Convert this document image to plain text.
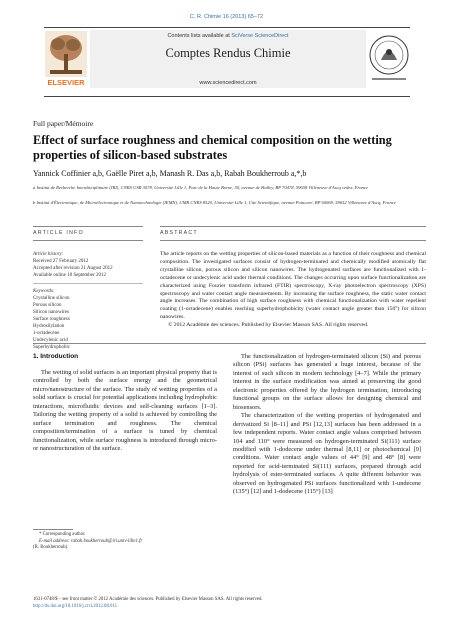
C. R. Chimie 16 (2013) 65–72
ELSEVIER
Contents lists available at SciVerse ScienceDirect
Comptes Rendus Chimie
www.sciencedirect.com
Full paper/Mémoire
Effect of surface roughness and chemical composition on the wetting properties of silicon-based substrates
Yannick Coffinier a,b, Gaëlle Piret a,b, Manash R. Das a,b, Rabah Boukherroub a,*,b
a Institut de Recherche Interdisciplinaire (IRI), CNRS USR 3078, Université Lille 1, Parc de la Haute Borne, 50, avenue de Halley, BP 70478, 59658 Villeneuve d'Ascq cedex, France
b Institut d'Électronique, de Microélectronique et de Nanotechnologie (IEMN), UMR CNRS 8520, Université Lille 1, Cité Scientifique, avenue Poincaré, BP 60069, 59652 Villeneuve d'Ascq, France
ARTICLE INFO	ABSTRACT
Article history:
Received 27 February 2012
Accepted after revision 21 August 2012
Available online 18 September 2012
Keywords:
Crystalline silicon
Porous silicon
Silicon nanowires
Surface roughness
Hydrosilylation
1-octadecene
Undecylenic acid
Superhydrophobic
The article reports on the wetting properties of silicon-based materials as a function of their roughness and chemical composition. The investigated surfaces consist of hydrogen-terminated and chemically modified atomically flat crystalline silicon, porous silicon and silicon nanowires. The hydrogenated surfaces are functionalized with 1-octadecene or undecylenic acid under thermal conditions. The changes occurring upon surface functionalization are characterized using Fourier transform infrared (FTIR) spectroscopy, X-ray photoelectron spectroscopy (XPS) spectroscopy and water contact angle measurements. By increasing the surface roughness, the static water contact angle increases. The combination of high surface roughness with chemical functionalization with water repellent coating (1-octadecene) enables reaching superhydrophobicity (water contact angle greater than 150°) for silicon nanowires.
© 2012 Académie des sciences. Published by Elsevier Masson SAS. All rights reserved.
1. Introduction
The wetting of solid surfaces is an important physical property that is controlled by both the surface energy and the geometrical micro/nanostructure of the surface. The study of wetting properties of a solid surface is crucial for potential applications including hydrophobic interactions, microfluidic devices and self-cleaning surfaces [1–3]. Tailoring the wetting property of a solid is achieved by controlling the surface termination and roughness. The chemical composition/termination of a surface is tuned by chemical functionalization, while surface roughness is introduced through micro- or nanostructuration of the surface.

The functionalization of hydrogen-terminated silicon (Si) and porous silicon (PSi) surfaces has generated a huge interest, because of the interest of such silicon in modern technology [4–7]. While the primary interest in the surface modification was aimed at preserving the good electronic properties offered by the hydrogen termination, introducing functional groups on the surface allows for designing chemical and biosensors.

The characterization of the wetting properties of hydrogenated and derivatized Si [8–11] and PSi [12,13] surfaces has been addressed in a few independent reports. Water contact angle values comprised between 104 and 110° were measured on hydrogen-terminated Si(111) surface modified with 1-dodecene under thermal [8,11] or photochemical [9] conditions. Water contact angle values of 44° [9] and 48° [8] were reported for acid-terminated Si(111) surfaces, prepared through acid hydrolysis of ester-terminated surfaces. A quite different behavior was observed on hydrogenated PSi surfaces functionalized with 1-undecene (135°) [12] and 1-dodecene (115°) [13]

* Corresponding author.
E-mail address: rabah.boukherroub@iri.univ-lille1.fr
(R. Boukherroub).
1631-0748/$ – see front matter © 2012 Académie des sciences. Published by Elsevier Masson SAS. All rights reserved.
http://dx.doi.org/10.1016/j.crci.2012.08.011
